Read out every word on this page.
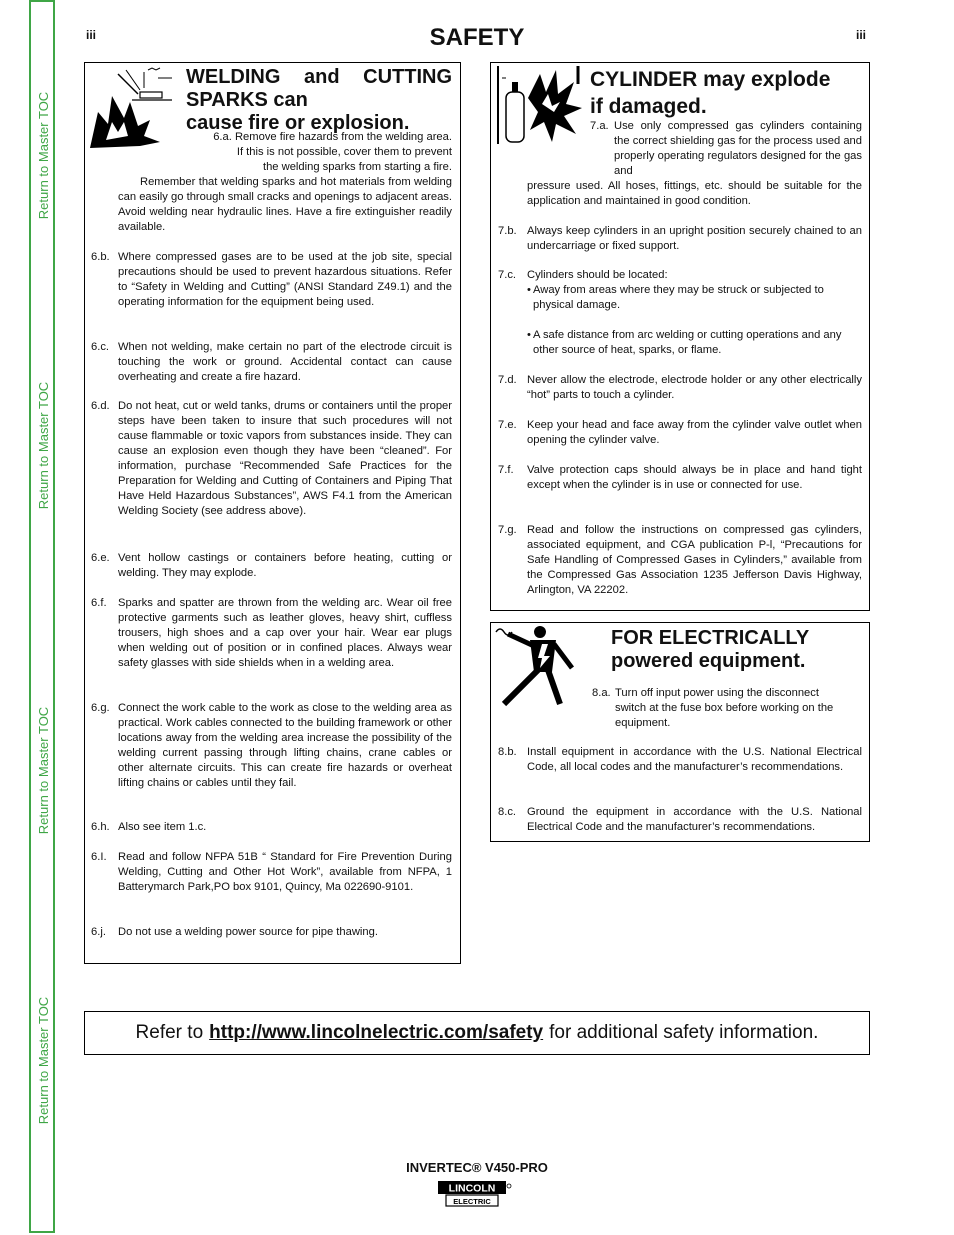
Return to Master TOC
Return to Master TOC
Return to Master TOC
Return to Master TOC
iii	iii
SAFETY
WELDING and CUTTING
SPARKS can
cause fire or explosion.
6.a. Remove fire hazards from the welding area.
If this is not possible, cover them to prevent
the welding sparks from starting a fire.
Remember that welding sparks and hot materials from welding can easily go through small cracks and openings to adjacent areas. Avoid welding near hydraulic lines. Have a fire extinguisher readily available.
6.b. Where compressed gases are to be used at the job site, special precautions should be used to prevent hazardous situations. Refer to “Safety in Welding and Cutting” (ANSI Standard Z49.1) and the operating information for the equipment being used.
6.c. When not welding, make certain no part of the electrode circuit is touching the work or ground. Accidental contact can cause overheating and create a fire hazard.
6.d. Do not heat, cut or weld tanks, drums or containers until the proper steps have been taken to insure that such procedures will not cause flammable or toxic vapors from substances inside. They can cause an explosion even though they have been “cleaned”. For information, purchase “Recommended Safe Practices for the Preparation for Welding and Cutting of Containers and Piping That Have Held Hazardous Substances”, AWS F4.1 from the American Welding Society (see address above).
6.e. Vent hollow castings or containers before heating, cutting or welding. They may explode.
6.f. Sparks and spatter are thrown from the welding arc. Wear oil free protective garments such as leather gloves, heavy shirt, cuffless trousers, high shoes and a cap over your hair. Wear ear plugs when welding out of position or in confined places. Always wear safety glasses with side shields when in a welding area.
6.g. Connect the work cable to the work as close to the welding area as practical. Work cables connected to the building framework or other locations away from the welding area increase the possibility of the welding current passing through lifting chains, crane cables or other alternate circuits. This can create fire hazards or overheat lifting chains or cables until they fail.
6.h. Also see item 1.c.
6.I. Read and follow NFPA 51B “ Standard for Fire Prevention During Welding, Cutting and Other Hot Work”, available from NFPA, 1 Batterymarch Park,PO box 9101, Quincy, Ma 022690-9101.
6.j. Do not use a welding power source for pipe thawing.
CYLINDER may explode
if damaged.
7.a. Use only compressed gas cylinders containing the correct shielding gas for the process used and properly operating regulators designed for the gas and
pressure used. All hoses, fittings, etc. should be suitable for the application and maintained in good condition.
7.b. Always keep cylinders in an upright position securely chained to an undercarriage or fixed support.
7.c. Cylinders should be located:
• Away from areas where they may be struck or subjected to physical damage.
• A safe distance from arc welding or cutting operations and any other source of heat, sparks, or flame.
7.d. Never allow the electrode, electrode holder or any other electrically “hot” parts to touch a cylinder.
7.e. Keep your head and face away from the cylinder valve outlet when opening the cylinder valve.
7.f. Valve protection caps should always be in place and hand tight except when the cylinder is in use or connected for use.
7.g. Read and follow the instructions on compressed gas cylinders, associated equipment, and CGA publication P-l, “Precautions for Safe Handling of Compressed Gases in Cylinders,” available from the Compressed Gas Association 1235 Jefferson Davis Highway, Arlington, VA 22202.
FOR ELECTRICALLY
powered equipment.
8.a. Turn off input power using the disconnect switch at the fuse box before working on the equipment.
8.b. Install equipment in accordance with the U.S. National Electrical Code, all local codes and the manufacturer’s recommendations.
8.c. Ground the equipment in accordance with the U.S. National Electrical Code and the manufacturer’s recommendations.
Refer to http://www.lincolnelectric.com/safety for additional safety information.
INVERTEC® V450-PRO
LINCOLN
ELECTRIC
